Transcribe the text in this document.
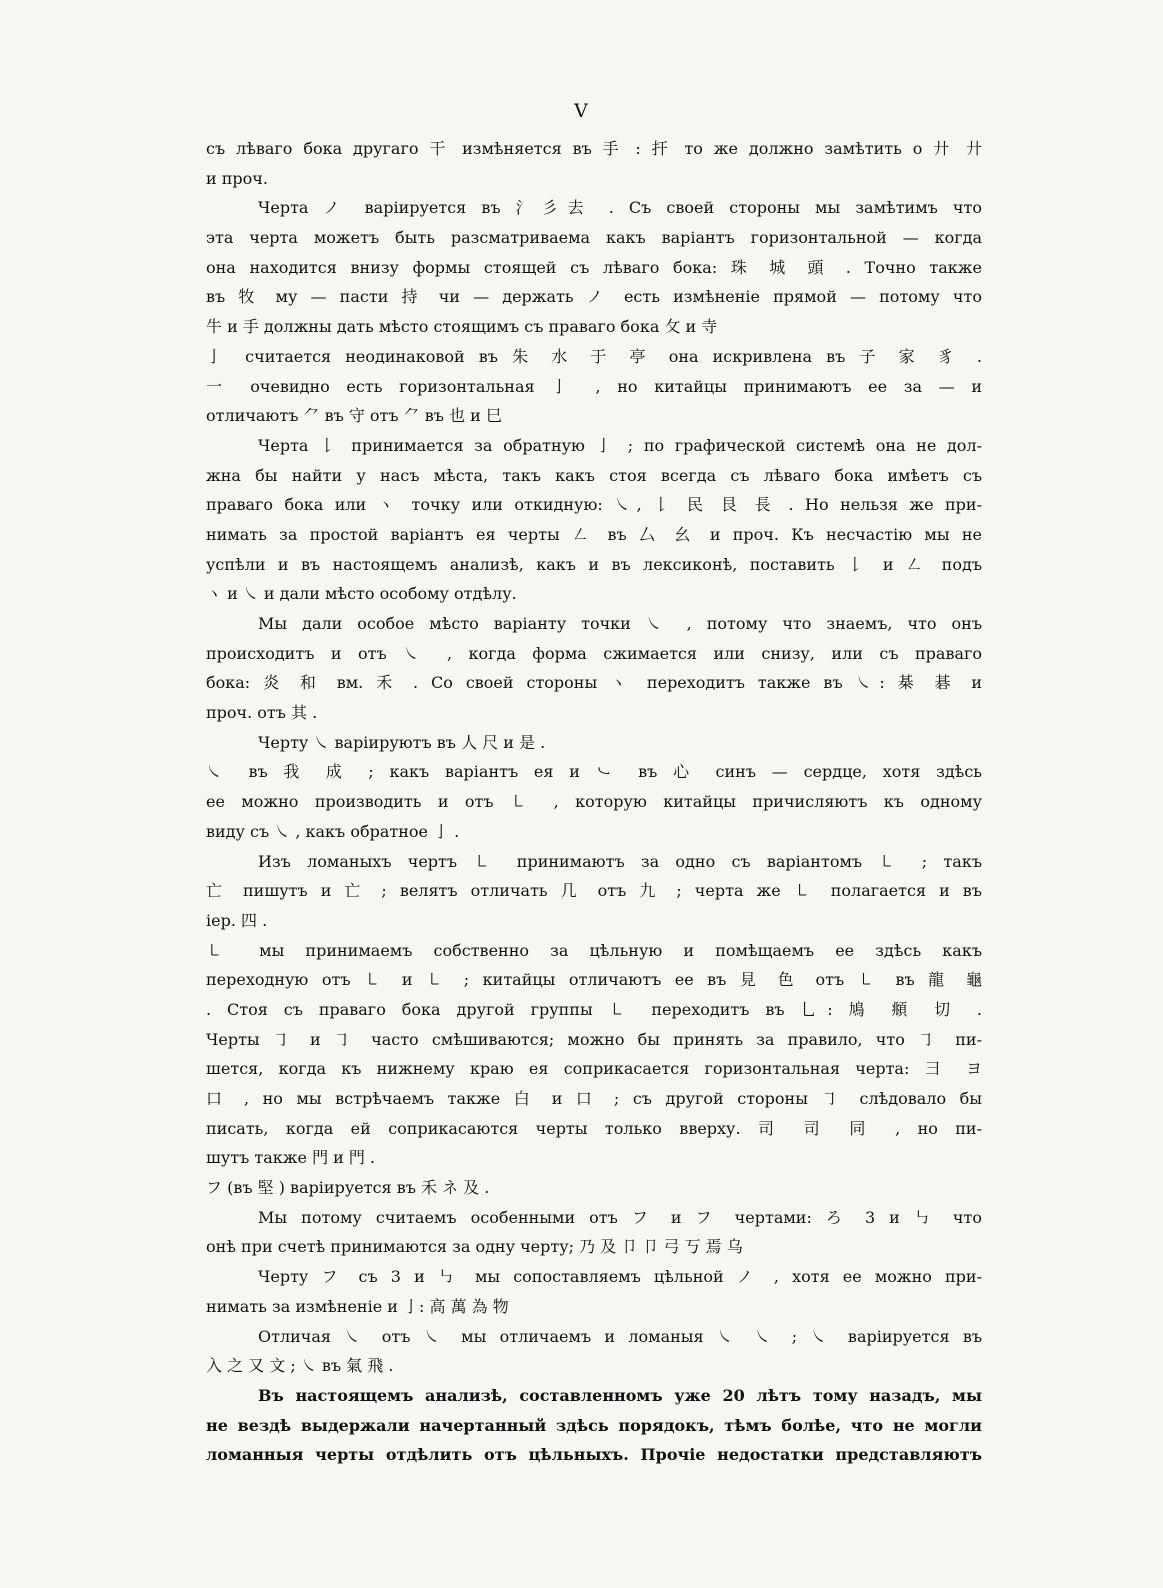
V
съ лѣваго бока другаго 干 измѣняется въ 手 : 扞 то же должно замѣтить о 廾 廾
и проч.
Черта ノ варіируется въ 氵彡去 . Съ своей стороны мы замѣтимъ что
эта черта можетъ быть разсматриваема какъ варіантъ горизонтальной — когда
она находится внизу формы стоящей съ лѣваго бока: 珠 城 頭 . Точно также
въ 牧 му — пасти 持 чи — держать ノ есть измѣненіе прямой — потому что
牛 и 手 должны дать мѣсто стоящимъ съ праваго бока 攵 и 寺
亅 считается неодинаковой въ 朱 水 于 亭 она искривлена въ 子 家 豸 .
一 очевидно есть горизонтальная 亅 , но китайцы принимаютъ ее за — и
отличаютъ ⺈ въ 守 отъ ⺈ въ 也 и 巳
Черта 𠄌 принимается за обратную 亅 ; по графической системѣ она не дол-
жна бы найти у насъ мѣста, такъ какъ стоя всегда съ лѣваго бока имѣетъ съ
праваго бока или ヽ точку или откидную: ㇏, 𠄌 民 艮 長 . Но нельзя же при-
нимать за простой варіантъ ея черты ㇜ въ 厶 幺 и проч. Къ несчастію мы не
успѣли и въ настоящемъ анализѣ, какъ и въ лексиконѣ, поставить 𠄌 и ㇜ подъ
ヽ и ㇏ и дали мѣсто особому отдѣлу.
Мы дали особое мѣсто варіанту точки ㇏ , потому что знаемъ, что онъ
происходитъ и отъ ㇏ , когда форма сжимается или снизу, или съ праваго
бока: 炎 和 вм. 禾 . Со своей стороны ヽ переходитъ также въ ㇏: 棊 碁 и
проч. отъ 其 .
Черту ㇏ варіируютъ въ 人 尺 и 是 .
㇏ въ 我 成 ; какъ варіантъ ея и ㇃ въ 心 синъ — сердце, хотя здѣсь
ее можно производить и отъ ㇄ , которую китайцы причисляютъ къ одному
виду съ ㇏ , какъ обратное 亅 .
Изъ ломаныхъ чертъ ㇄ принимаютъ за одно съ варіантомъ ㇄ ; такъ
亡 пишутъ и 亡 ; велятъ отличать 几 отъ 九 ; черта же ㇄ полагается и въ
іер. 四 .
㇄ мы принимаемъ собственно за цѣльную и помѣщаемъ ее здѣсь какъ
переходную отъ ㇄ и ㇄ ; китайцы отличаютъ ее въ 見 色 отъ ㇄ въ 龍 龜
. Стоя съ праваго бока другой группы ㇄ переходитъ въ ⺃: 鳩 頫 切 .
Черты ㇆ и ㇆ часто смѣшиваются; можно бы принять за правило, что ㇆ пи-
шется, когда къ нижнему краю ея соприкасается горизонтальная черта: 彐 ヨ
口 , но мы встрѣчаемъ также 白 и 口 ; съ другой стороны ㇆ слѣдовало бы
писать, когда ей соприкасаются черты только вверху. 司 司 同 , но пи-
шутъ также 門 и 門 .
フ (въ 堅 ) варіируется въ 禾 ネ 及 .
Мы потому считаемъ особенными отъ フ и フ чертами: ろ 3 и ㇉ что
онѣ при счетѣ принимаются за одну черту; 乃 及 卩 卩 弓 丂 焉 乌
Черту フ съ 3 и ㇉ мы сопоставляемъ цѣльной ノ , хотя ее можно при-
нимать за измѣненіе и 亅: 高 萬 為 物
Отличая ㇏ отъ ㇏ мы отличаемъ и ломаныя ㇏ ㇏ ; ㇏ варіируется въ
入 之 又 文 ; ㇏ въ 氣 飛 .
Въ настоящемъ анализѣ, составленномъ уже 20 лѣтъ тому назадъ, мы
не вездѣ выдержали начертанный здѣсь порядокъ, тѣмъ болѣе, что не могли
ломанныя черты отдѣлить отъ цѣльныхъ. Прочіе недостатки представляютъ
